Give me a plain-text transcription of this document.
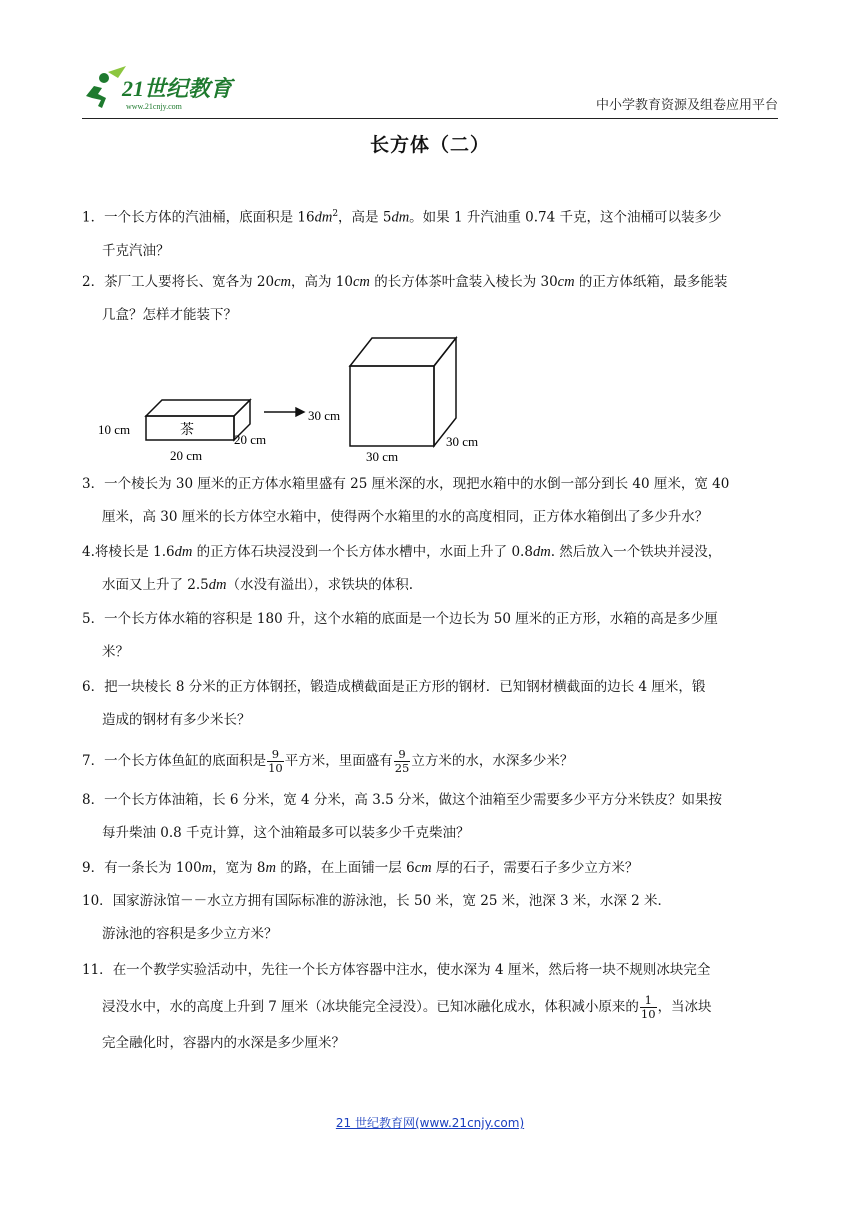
21世纪教育
www.21cnjy.com	中小学教育资源及组卷应用平台
长方体（二）
1．一个长方体的汽油桶，底面积是 $16dm^2$，高是 5dm。如果 1 升汽油重 0.74 千克，这个油桶可以装多少
千克汽油？
2．茶厂工人要将长、宽各为 20cm，高为 10cm 的长方体茶叶盒装入棱长为 30cm 的正方体纸箱，最多能装
几盒？怎样才能装下？
茶
10 cm
20 cm
20 cm
30 cm
30 cm
30 cm
3．一个棱长为 30 厘米的正方体水箱里盛有 25 厘米深的水，现把水箱中的水倒一部分到长 40 厘米，宽 40
厘米，高 30 厘米的长方体空水箱中，使得两个水箱里的水的高度相同，正方体水箱倒出了多少升水？
4.将棱长是 1.6dm 的正方体石块浸没到一个长方体水槽中，水面上升了 0.8dm. 然后放入一个铁块并浸没，
水面又上升了 2.5dm（水没有溢出），求铁块的体积.
5．一个长方体水箱的容积是 180 升，这个水箱的底面是一个边长为 50 厘米的正方形，水箱的高是多少厘
米？
6．把一块棱长 8 分米的正方体钢抷，锻造成横截面是正方形的钢材．已知钢材横截面的边长 4 厘米，锻
造成的钢材有多少米长？
7．一个长方体鱼缸的底面积是 $\frac{9}{10}$ 平方米，里面盛有 $\frac{9}{25}$ 立方米的水，水深多少米？
8．一个长方体油箱，长 6 分米，宽 4 分米，高 3.5 分米，做这个油箱至少需要多少平方分米铁皮？如果按
每升柴油 0.8 千克计算，这个油箱最多可以装多少千克柴油？
9．有一条长为 100m，宽为 8m 的路，在上面铺一层 6cm 厚的石子，需要石子多少立方米？
10．国家游泳馆－－水立方拥有国际标准的游泳池，长 50 米，宽 25 米，池深 3 米，水深 2 米．
游泳池的容积是多少立方米？
11．在一个教学实验活动中，先往一个长方体容器中注水，使水深为 4 厘米，然后将一块不规则冰块完全
浸没水中，水的高度上升到 7 厘米（冰块能完全浸没）。已知冰融化成水，体积减小原来的 $\frac{1}{10}$ ，当冰块
完全融化时，容器内的水深是多少厘米？
21 世纪教育网(www.21cnjy.com)
